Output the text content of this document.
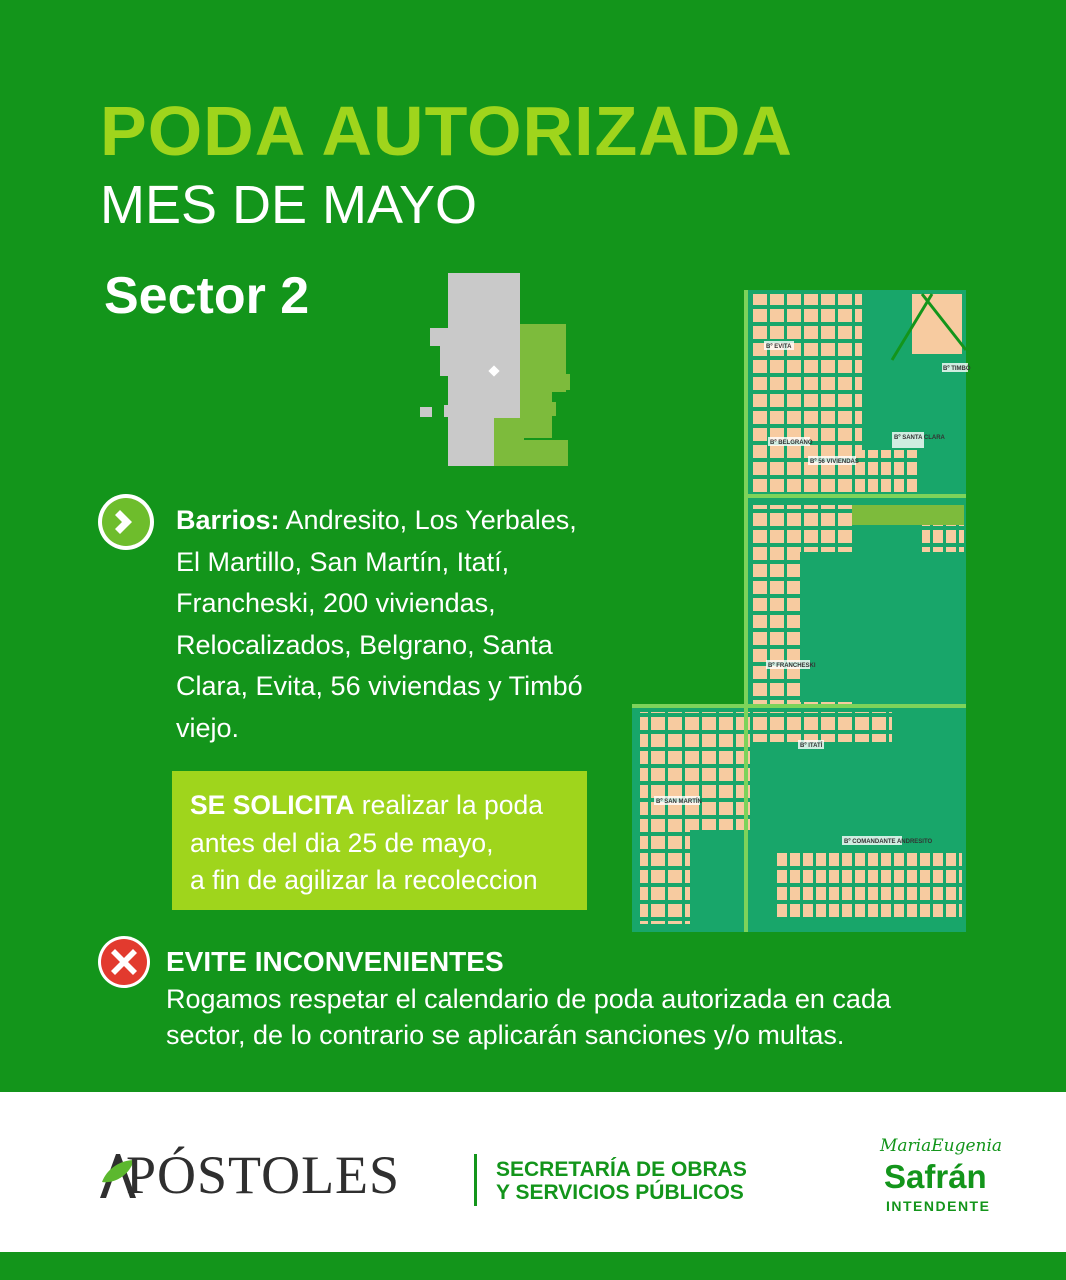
PODA AUTORIZADA
MES DE MAYO
Sector 2
Barrios: Andresito, Los Yerbales, El Martillo, San Martín, Itatí, Francheski, 200 viviendas, Relocalizados, Belgrano, Santa Clara, Evita, 56 viviendas y Timbó viejo.
SE SOLICITA realizar la poda
antes del dia 25 de mayo,
a fin de agilizar la recoleccion
EVITE INCONVENIENTES
Rogamos respetar el calendario de poda autorizada en cada
sector, de lo contrario se aplicarán sanciones y/o multas.
Bº EVITA
Bº BELGRANO
Bº 56 VIVIENDAS
Bº SANTA CLARA
Bº TIMBÓ
Bº FRANCHESKI
Bº ITATÍ
Bº SAN MARTÍN
Bº COMANDANTE ANDRESITO
PÓSTOLES	SECRETARÍA DE OBRAS
Y SERVICIOS PÚBLICOS
MariaEugenia
Safrán
INTENDENTE
